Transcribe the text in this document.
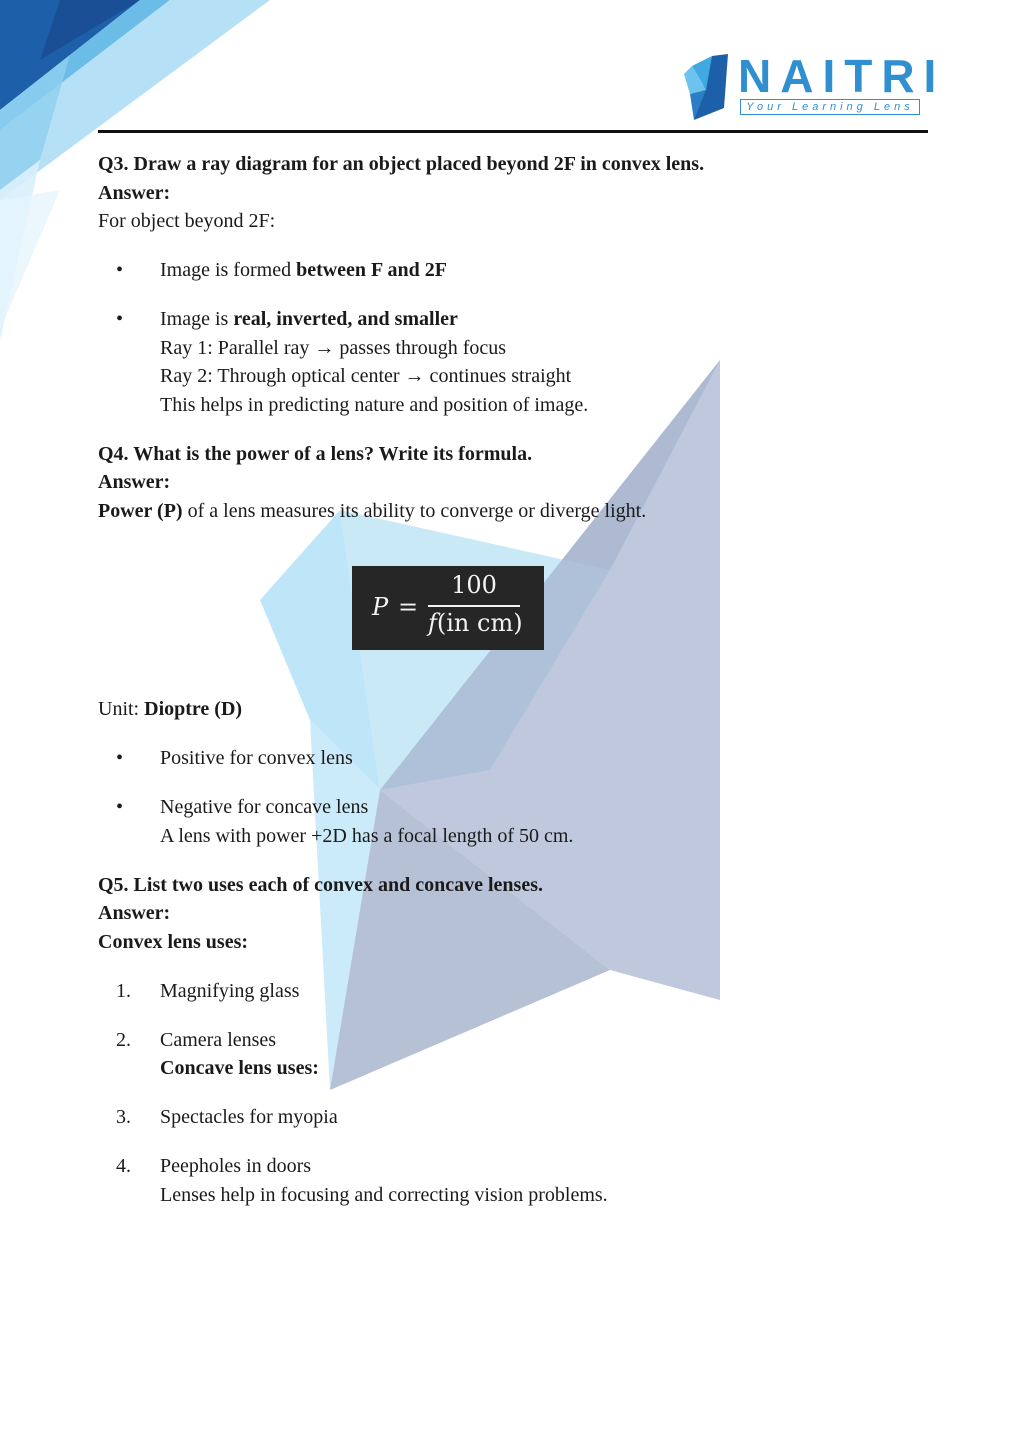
NAITRI
Your Learning Lens

Q3. Draw a ray diagram for an object placed beyond 2F in convex lens.

Answer:

For object beyond 2F:

• Image is formed between F and 2F

• Image is real, inverted, and smaller

Ray 1: Parallel ray → passes through focus

Ray 2: Through optical center → continues straight

This helps in predicting nature and position of image.

Q4. What is the power of a lens? Write its formula.

Answer:

Power (P) of a lens measures its ability to converge or diverge light.

P =
100
f(in cm)

Unit: Dioptre (D)

• Positive for convex lens

• Negative for concave lens

A lens with power +2D has a focal length of 50 cm.

Q5. List two uses each of convex and concave lenses.

Answer:

Convex lens uses:

1. Magnifying glass

2. Camera lenses

Concave lens uses:

3. Spectacles for myopia

4. Peepholes in doors

Lenses help in focusing and correcting vision problems.
